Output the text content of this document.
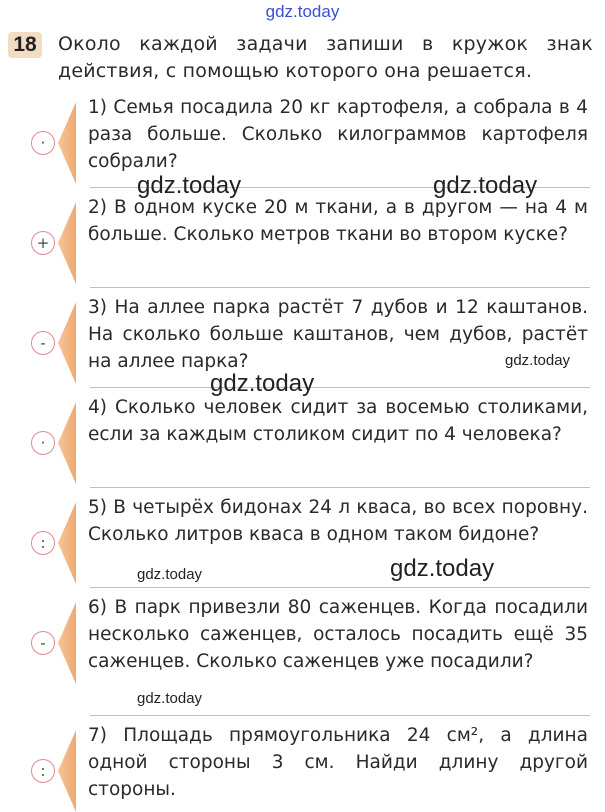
gdz.today
18 Около каждой задачи запиши в кружок знак действия, с помощью которого она решается.
·
1) Семья посадила 20 кг картофеля, а собрала в 4 раза больше. Сколько килограммов картофеля собрали?
+
2) В одном куске 20 м ткани, а в другом — на 4 м больше. Сколько метров ткани во втором куске?
-
3) На аллее парка растёт 7 дубов и 12 каштанов. На сколько больше каштанов, чем дубов, растёт на аллее парка?
·
4) Сколько человек сидит за восемью столиками, если за каждым столиком сидит по 4 человека?
:
5) В четырёх бидонах 24 л кваса, во всех поровну. Сколько литров кваса в одном таком бидоне?
-
6) В парк привезли 80 саженцев. Когда посадили несколько саженцев, осталось посадить ещё 35 саженцев. Сколько саженцев уже посадили?
:
7) Площадь прямоугольника 24 см², а длина одной стороны 3 см. Найди длину другой стороны.
gdz.today	gdz.today
gdz.today
gdz.today
gdz.today	gdz.today
gdz.today
